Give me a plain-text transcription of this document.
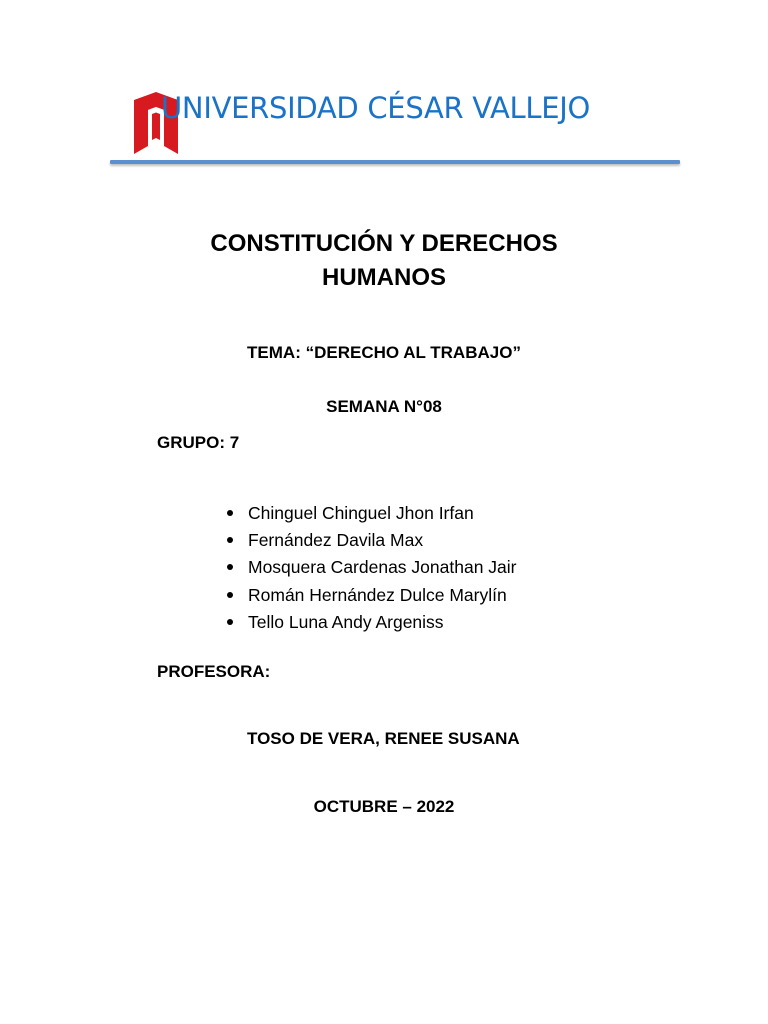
UNIVERSIDAD CÉSAR VALLEJO
CONSTITUCIÓN Y DERECHOS
HUMANOS
TEMA: “DERECHO AL TRABAJO”
SEMANA N°08
GRUPO: 7
Chinguel Chinguel Jhon Irfan
Fernández Davila Max
Mosquera Cardenas Jonathan Jair
Román Hernández Dulce Marylín
Tello Luna Andy Argeniss
PROFESORA:
TOSO DE VERA, RENEE SUSANA
OCTUBRE – 2022
